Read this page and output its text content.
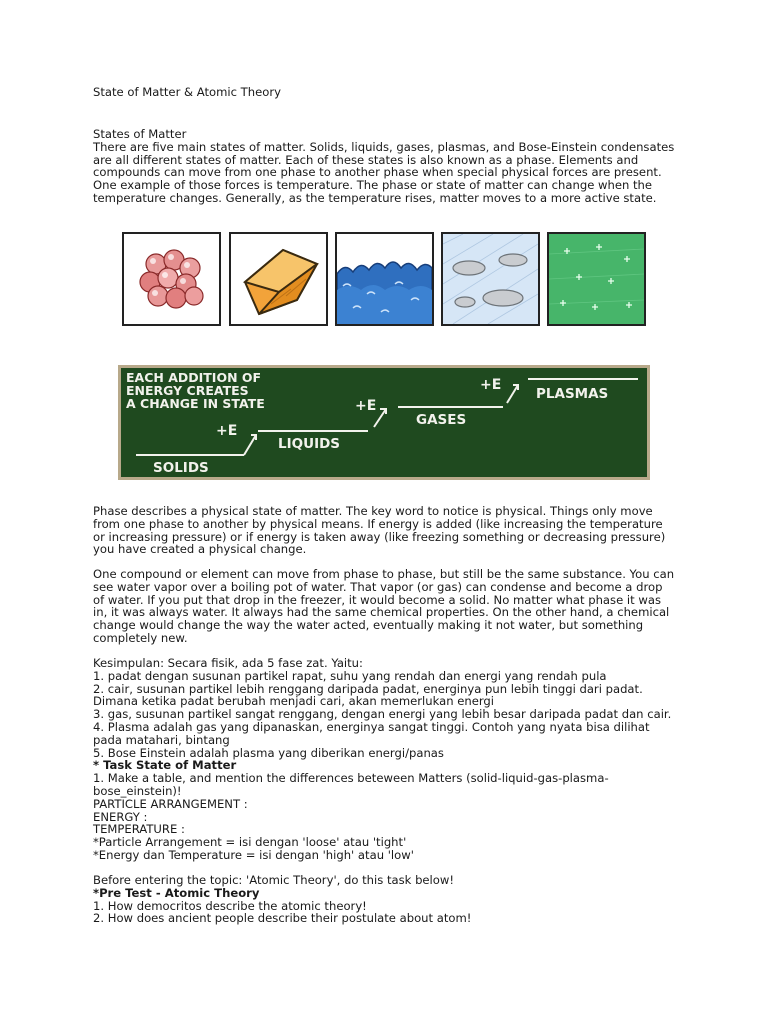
State of Matter & Atomic Theory
States of Matter
There are five main states of matter. Solids, liquids, gases, plasmas, and Bose-Einstein condensates
are all different states of matter. Each of these states is also known as a phase. Elements and
compounds can move from one phase to another phase when special physical forces are present.
One example of those forces is temperature. The phase or state of matter can change when the
temperature changes. Generally, as the temperature rises, matter moves to a more active state.
Phase describes a physical state of matter. The key word to notice is physical. Things only move
from one phase to another by physical means. If energy is added (like increasing the temperature
or increasing pressure) or if energy is taken away (like freezing something or decreasing pressure)
you have created a physical change.
One compound or element can move from phase to phase, but still be the same substance. You can
see water vapor over a boiling pot of water. That vapor (or gas) can condense and become a drop
of water. If you put that drop in the freezer, it would become a solid. No matter what phase it was
in, it was always water. It always had the same chemical properties. On the other hand, a chemical
change would change the way the water acted, eventually making it not water, but something
completely new.
Kesimpulan: Secara fisik, ada 5 fase zat. Yaitu:
1. padat dengan susunan partikel rapat, suhu yang rendah dan energi yang rendah pula
2. cair, susunan partikel lebih renggang daripada padat, energinya pun lebih tinggi dari padat.
Dimana ketika padat berubah menjadi cari, akan memerlukan energi
3. gas, susunan partikel sangat renggang, dengan energi yang lebih besar daripada padat dan cair.
4. Plasma adalah gas yang dipanaskan, energinya sangat tinggi. Contoh yang nyata bisa dilihat
pada matahari, bintang
5. Bose Einstein adalah plasma yang diberikan energi/panas
* Task State of Matter
1. Make a table, and mention the differences beteween Matters (solid-liquid-gas-plasma-
bose_einstein)!
PARTICLE ARRANGEMENT :
ENERGY :
TEMPERATURE :
*Particle Arrangement = isi dengan 'loose' atau 'tight'
*Energy dan Temperature = isi dengan 'high' atau 'low'
Before entering the topic: 'Atomic Theory', do this task below!
*Pre Test - Atomic Theory
1. How democritos describe the atomic theory!
2. How does ancient people describe their postulate about atom!
EACH ADDITION OF
ENERGY CREATES
A CHANGE IN STATE
SOLIDS
LIQUIDS
GASES
PLASMAS
+E
+E
+E
